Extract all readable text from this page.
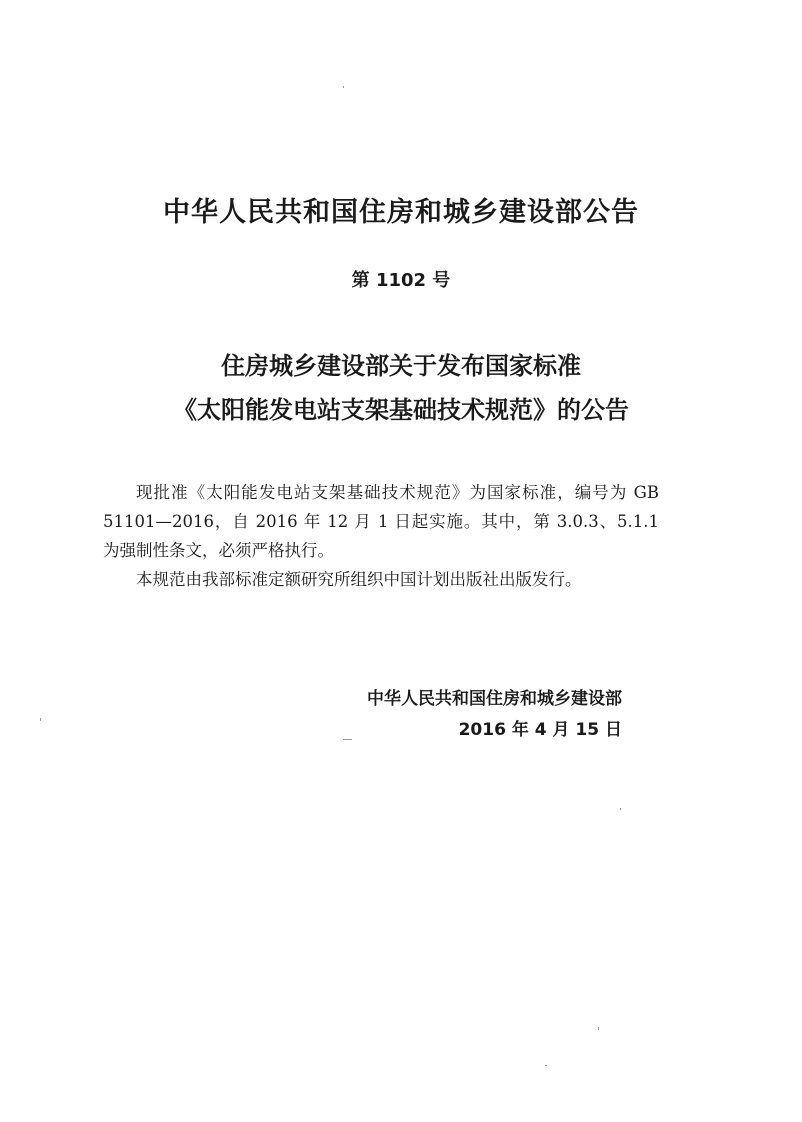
中华人民共和国住房和城乡建设部公告
第 1102 号
住房城乡建设部关于发布国家标准
《太阳能发电站支架基础技术规范》的公告

现批准《太阳能发电站支架基础技术规范》为国家标准，编号为 GB 51101—2016，自 2016 年 12 月 1 日起实施。其中，第 3.0.3、5.1.1 为强制性条文，必须严格执行。

本规范由我部标准定额研究所组织中国计划出版社出版发行。

中华人民共和国住房和城乡建设部
2016 年 4 月 15 日
